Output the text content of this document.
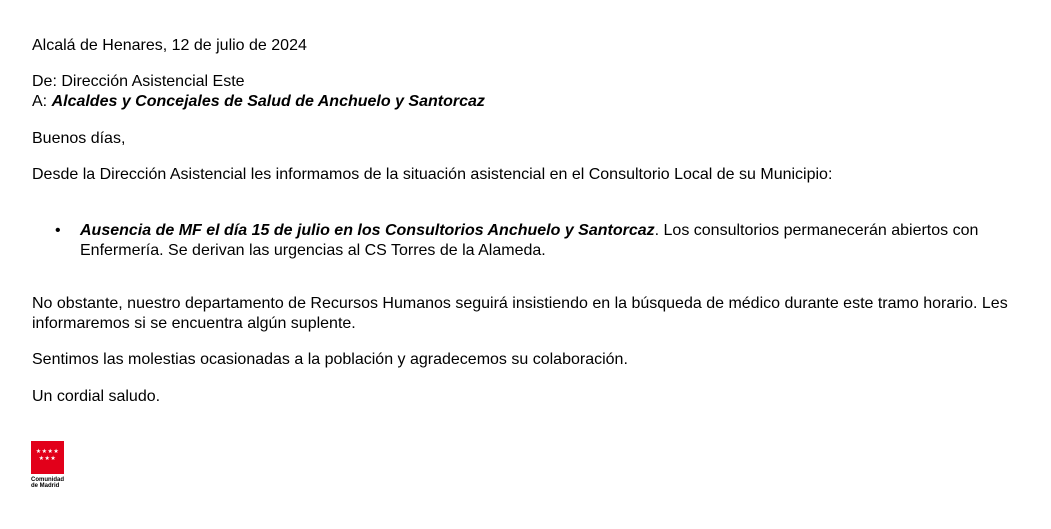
Alcalá de Henares, 12 de julio de 2024
De: Dirección Asistencial Este
A: Alcaldes y Concejales de Salud de Anchuelo y Santorcaz
Buenos días,
Desde la Dirección Asistencial les informamos de la situación asistencial en el Consultorio Local de su Municipio:
• Ausencia de MF el día 15 de julio en los Consultorios Anchuelo y Santorcaz. Los consultorios permanecerán abiertos con Enfermería. Se derivan las urgencias al CS Torres de la Alameda.
No obstante, nuestro departamento de Recursos Humanos seguirá insistiendo en la búsqueda de médico durante este tramo horario. Les informaremos si se encuentra algún suplente.
Sentimos las molestias ocasionadas a la población y agradecemos su colaboración.
Un cordial saludo.
★★★★
★★★
Comunidad
de Madrid
